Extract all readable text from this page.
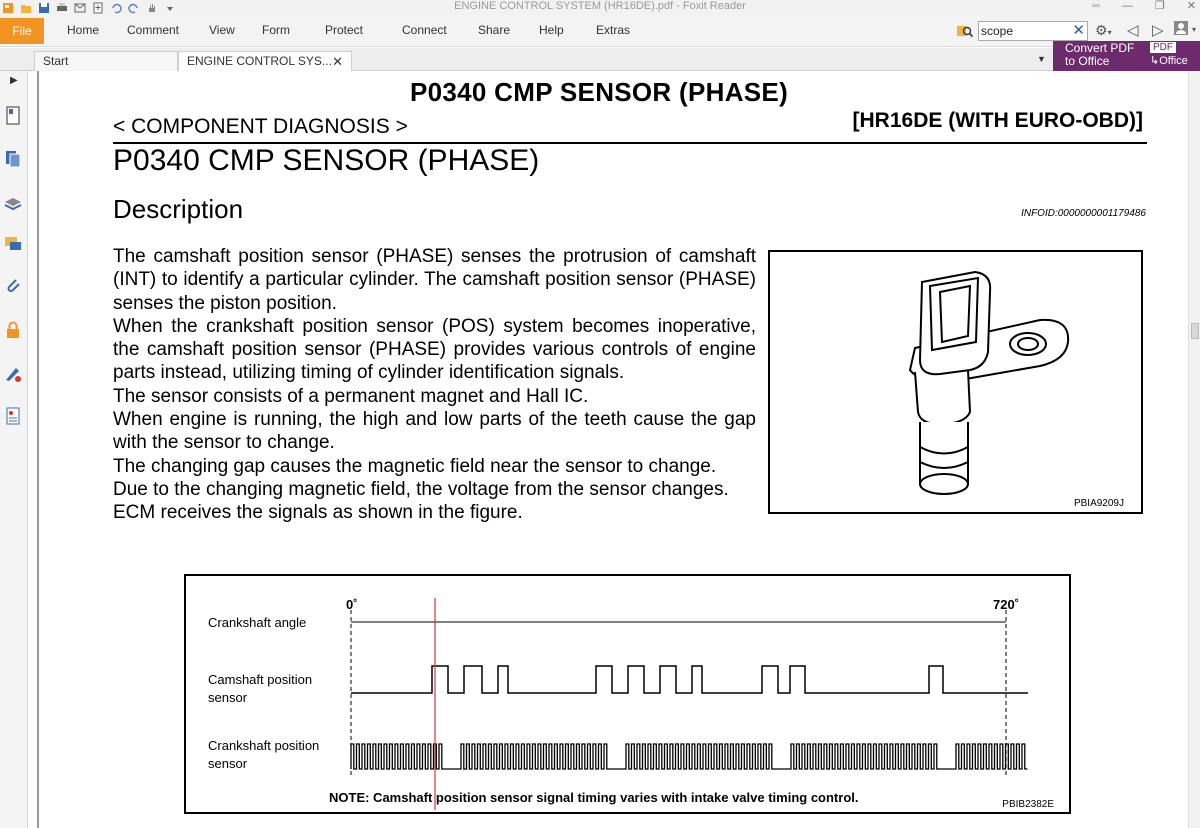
ENGINE CONTROL SYSTEM (HR16DE).pdf - Foxit Reader	▫▫ — ❐ ✕
File	Home Comment View Form	Protect	Connect	Share Help	Extras	scope	✕ ⚙▾ ◁ ▷	▾
Convert PDF
to Office
PDF
↳Office
Start	ENGINE CONTROL SYS... ✕	▼
▶	P0340 CMP SENSOR (PHASE)
< COMPONENT DIAGNOSIS >	[HR16DE (WITH EURO-OBD)]
P0340 CMP SENSOR (PHASE)
Description	INFOID:0000000001179486

The camshaft position sensor (PHASE) senses the protrusion of camshaft (INT) to identify a particular cylinder. The camshaft position sensor (PHASE) senses the piston position.

When the crankshaft position sensor (POS) system becomes inoperative, the camshaft position sensor (PHASE) provides various controls of engine parts instead, utilizing timing of cylinder identification signals.

The sensor consists of a permanent magnet and Hall IC.

When engine is running, the high and low parts of the teeth cause the gap with the sensor to change.

The changing gap causes the magnetic field near the sensor to change.

Due to the changing magnetic field, the voltage from the sensor changes.

ECM receives the signals as shown in the figure.	PBIA9209J
0˚	720˚
Crankshaft angle
Camshaft position
sensor
Crankshaft position
sensor
NOTE: Camshaft position sensor signal timing varies with intake valve timing control.	PBIB2382E
